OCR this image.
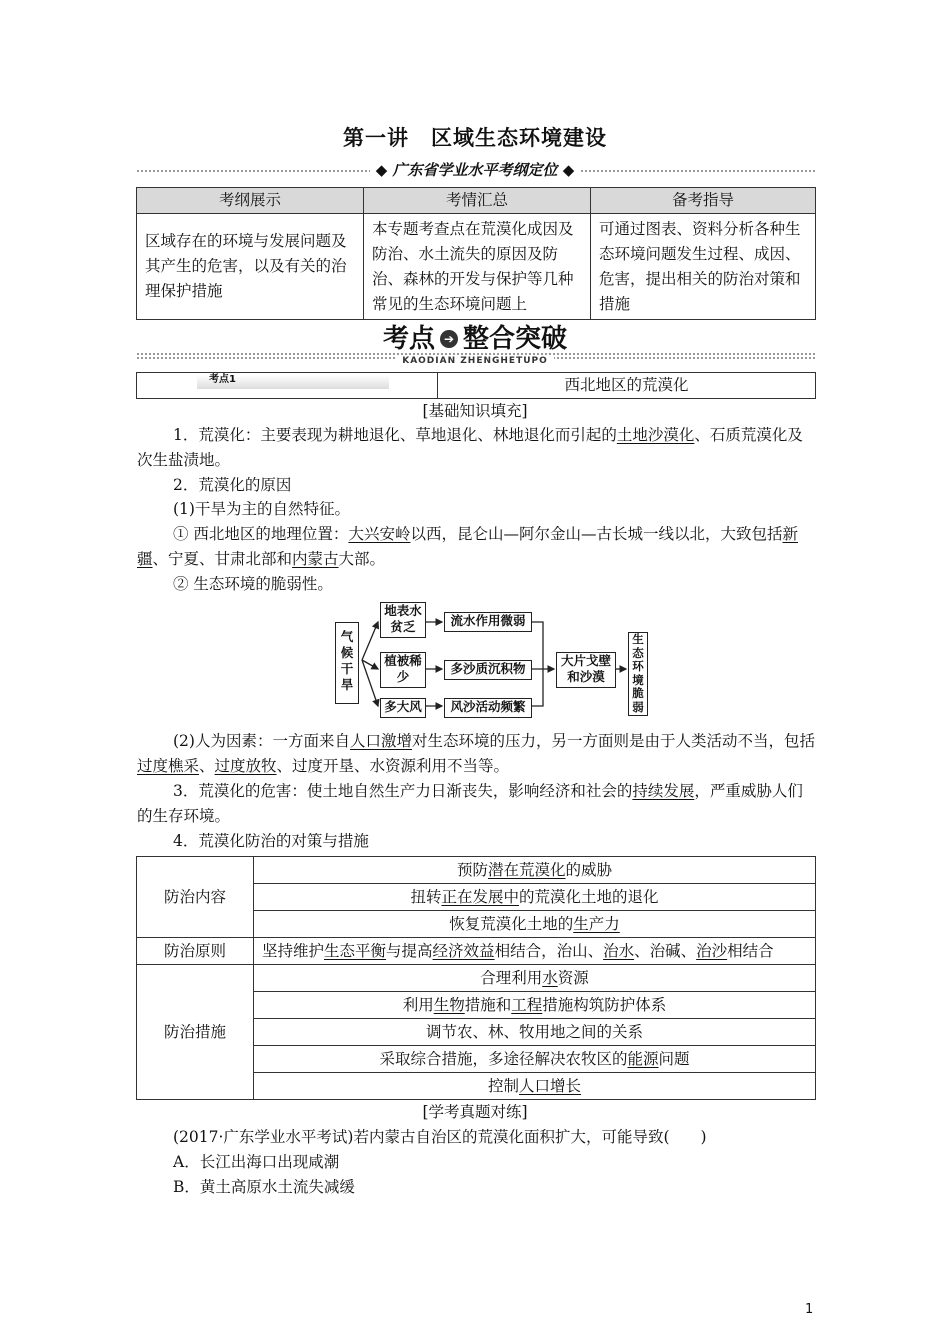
第一讲　区域生态环境建设
◆ 广东省学业水平考纲定位 ◆
考纲展示	考情汇总	备考指导
区域存在的环境与发展问题及其产生的危害，以及有关的治理保护措施	本专题考查点在荒漠化成因及防治、水土流失的原因及防治、森林的开发与保护等几种常见的生态环境问题上	可通过图表、资料分析各种生态环境问题发生过程、成因、危害，提出相关的防治对策和措施
考点 ➔ 整合突破
KAODIAN ZHENGHETUPO
考点1	西北地区的荒漠化
[基础知识填充]
1．荒漠化：主要表现为耕地退化、草地退化、林地退化而引起的土地沙漠化、石质荒漠化及次生盐渍地。
2．荒漠化的原因
(1)干旱为主的自然特征。
① 西北地区的地理位置：大兴安岭以西，昆仑山—阿尔金山—古长城一线以北，大致包括新疆、宁夏、甘肃北部和内蒙古大部。
② 生态环境的脆弱性。
气候干旱
地表水贫乏
植被稀少
多大风
流水作用微弱
多沙质沉积物
风沙活动频繁
大片戈壁和沙漠
生态环境脆弱
(2)人为因素：一方面来自人口激增对生态环境的压力，另一方面则是由于人类活动不当，包括过度樵采、过度放牧、过度开垦、水资源利用不当等。
3．荒漠化的危害：使土地自然生产力日渐丧失，影响经济和社会的持续发展，严重威胁人们的生存环境。
4．荒漠化防治的对策与措施
防治内容	预防潜在荒漠化的威胁
	扭转正在发展中的荒漠化土地的退化
	恢复荒漠化土地的生产力
防治原则	坚持维护生态平衡与提高经济效益相结合，治山、治水、治碱、治沙相结合
防治措施	合理利用水资源
	利用生物措施和工程措施构筑防护体系
	调节农、林、牧用地之间的关系
	采取综合措施，多途径解决农牧区的能源问题
	控制人口增长
[学考真题对练]
(2017·广东学业水平考试)若内蒙古自治区的荒漠化面积扩大，可能导致(　　)
A．长江出海口出现咸潮
B．黄土高原水土流失减缓
1
